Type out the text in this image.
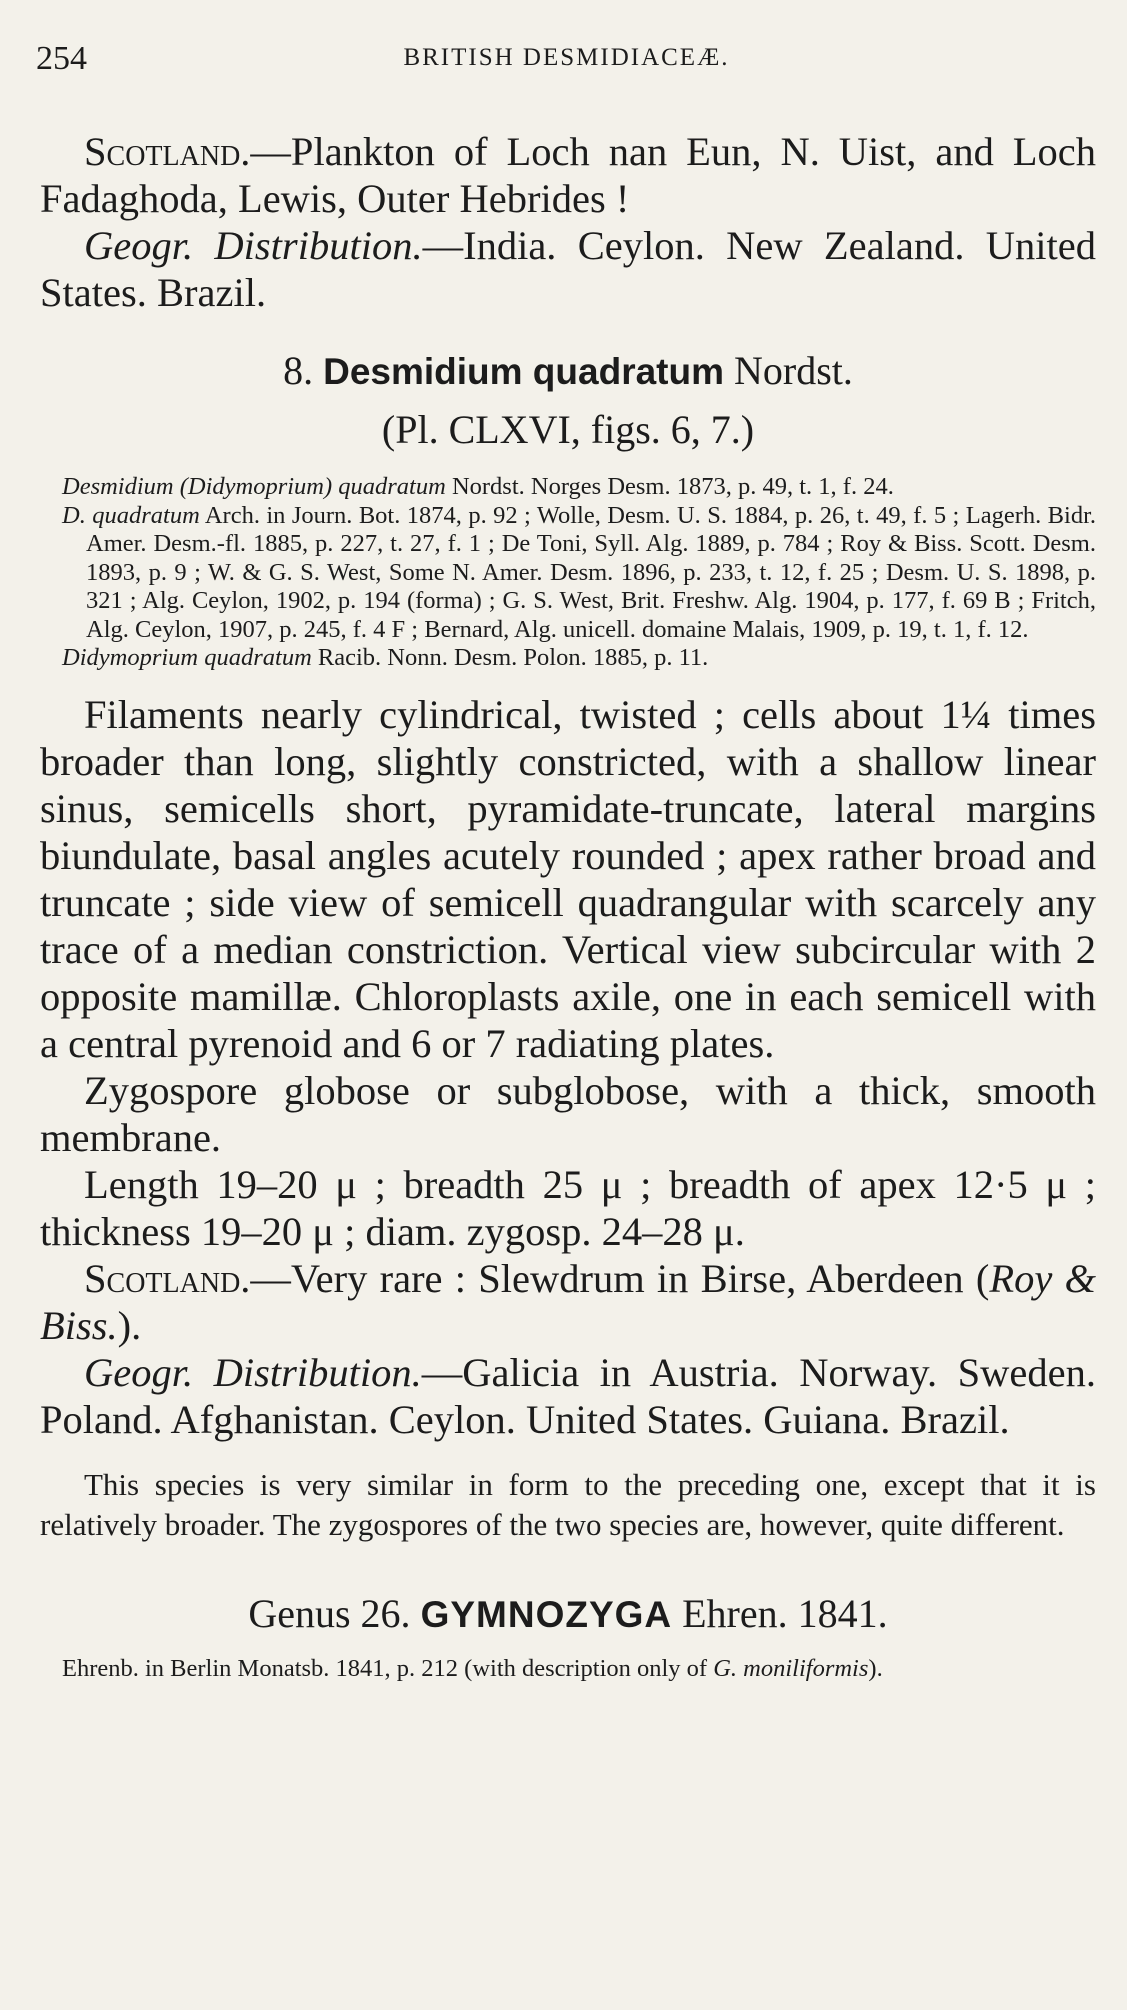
254	BRITISH DESMIDIACEÆ.

Scotland.—Plankton of Loch nan Eun, N. Uist, and Loch Fadaghoda, Lewis, Outer Hebrides !

Geogr. Distribution.—India. Ceylon. New Zealand. United States. Brazil.

8. Desmidium quadratum Nordst.
(Pl. CLXVI, figs. 6, 7.)

Desmidium (Didymoprium) quadratum Nordst. Norges Desm. 1873, p. 49, t. 1, f. 24.

D. quadratum Arch. in Journ. Bot. 1874, p. 92 ; Wolle, Desm. U. S. 1884, p. 26, t. 49, f. 5 ; Lagerh. Bidr. Amer. Desm.-fl. 1885, p. 227, t. 27, f. 1 ; De Toni, Syll. Alg. 1889, p. 784 ; Roy & Biss. Scott. Desm. 1893, p. 9 ; W. & G. S. West, Some N. Amer. Desm. 1896, p. 233, t. 12, f. 25 ; Desm. U. S. 1898, p. 321 ; Alg. Ceylon, 1902, p. 194 (forma) ; G. S. West, Brit. Freshw. Alg. 1904, p. 177, f. 69 B ; Fritch, Alg. Ceylon, 1907, p. 245, f. 4 F ; Bernard, Alg. unicell. domaine Malais, 1909, p. 19, t. 1, f. 12.

Didymoprium quadratum Racib. Nonn. Desm. Polon. 1885, p. 11.

Filaments nearly cylindrical, twisted ; cells about 1¼ times broader than long, slightly constricted, with a shallow linear sinus, semicells short, pyramidate-truncate, lateral margins biundulate, basal angles acutely rounded ; apex rather broad and truncate ; side view of semicell quadrangular with scarcely any trace of a median constriction. Vertical view subcircular with 2 opposite mamillæ. Chloroplasts axile, one in each semicell with a central pyrenoid and 6 or 7 radiating plates.

Zygospore globose or subglobose, with a thick, smooth membrane.

Length 19–20 μ ; breadth 25 μ ; breadth of apex 12·5 μ ; thickness 19–20 μ ; diam. zygosp. 24–28 μ.

Scotland.—Very rare : Slewdrum in Birse, Aberdeen (Roy & Biss.).

Geogr. Distribution.—Galicia in Austria. Norway. Sweden. Poland. Afghanistan. Ceylon. United States. Guiana. Brazil.

This species is very similar in form to the preceding one, except that it is relatively broader. The zygospores of the two species are, however, quite different.

Genus 26. GYMNOZYGA Ehren. 1841.

Ehrenb. in Berlin Monatsb. 1841, p. 212 (with description only of G. moniliformis).
